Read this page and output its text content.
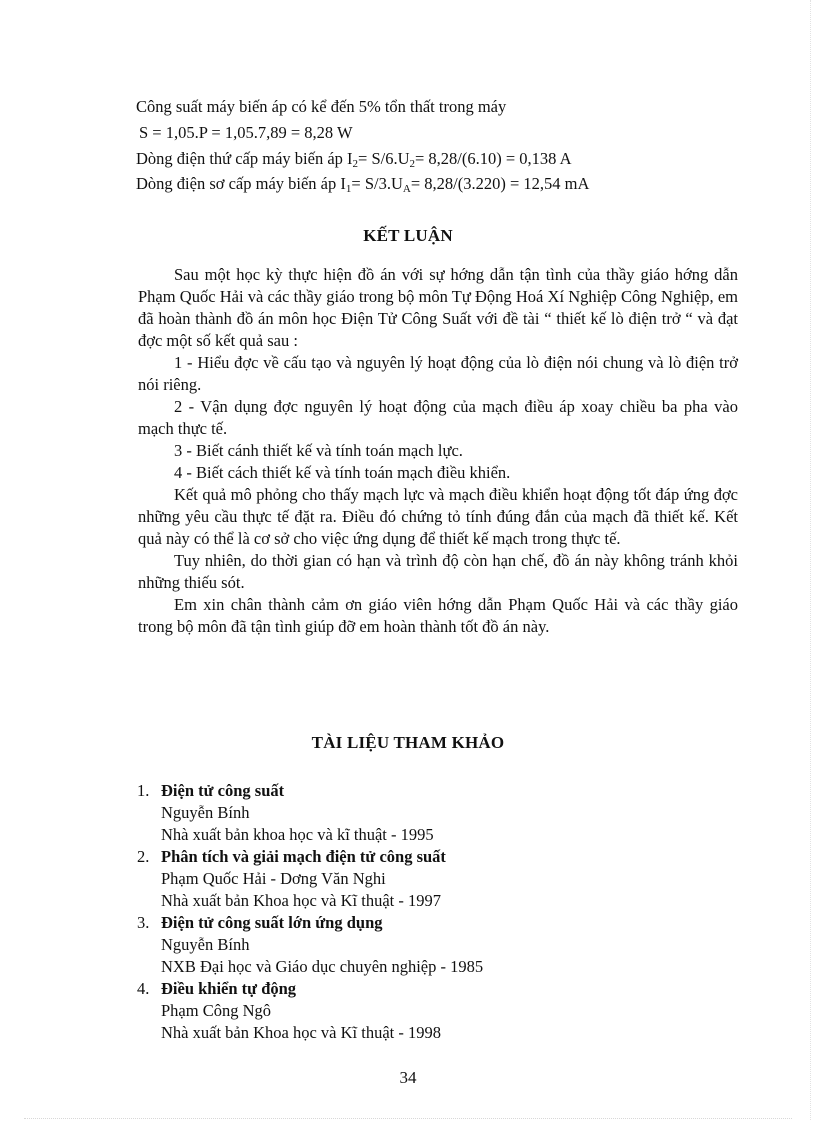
Công suất máy biến áp có kể đến 5% tổn thất trong máy
S = 1,05.P = 1,05.7,89 = 8,28 W
Dòng điện thứ cấp máy biến áp $I_2= S/6.U_2= 8,28/(6.10) = 0,138$ A
Dòng điện sơ cấp máy biến áp $I_1= S/3.U_A= 8,28/(3.220) = 12,54$ mA
KẾT LUẬN

Sau một học kỳ thực hiện đồ án với sự hớng dẫn tận tình của thầy giáo hớng dẫn Phạm Quốc Hải và các thầy giáo trong bộ môn Tự Động Hoá Xí Nghiệp Công Nghiệp, em đã hoàn thành đồ án môn học Điện Tử Công Suất với đề tài “ thiết kế lò điện trở “ và đạt đợc một số kết quả sau :

1 - Hiểu đợc về cấu tạo và nguyên lý hoạt động của lò điện nói chung và lò điện trở nói riêng.

2 - Vận dụng đợc nguyên lý hoạt động của mạch điều áp xoay chiều ba pha vào mạch thực tế.

3 - Biết cánh thiết kế và tính toán mạch lực.

4 - Biết cách thiết kế và tính toán mạch điều khiển.

Kết quả mô phỏng cho thấy mạch lực và mạch điều khiển hoạt động tốt đáp ứng đợc những yêu cầu thực tế đặt ra. Điều đó chứng tỏ tính đúng đắn của mạch đã thiết kế. Kết quả này có thể là cơ sở cho việc ứng dụng để thiết kế mạch trong thực tế.

Tuy nhiên, do thời gian có hạn và trình độ còn hạn chế, đồ án này không tránh khỏi những thiếu sót.

Em xin chân thành cảm ơn giáo viên hớng dẫn Phạm Quốc Hải và các thầy giáo trong bộ môn đã tận tình giúp đỡ em hoàn thành tốt đồ án này.

TÀI LIỆU THAM KHẢO
1. Điện tử công suất
Nguyễn Bính
Nhà xuất bản khoa học và kĩ thuật - 1995
2. Phân tích và giải mạch điện tử công suất
Phạm Quốc Hải - Dơng Văn Nghi
Nhà xuất bản Khoa học và Kĩ thuật - 1997
3. Điện tử công suất lớn ứng dụng
Nguyễn Bính
NXB Đại học và Giáo dục chuyên nghiệp - 1985
4. Điều khiển tự động
Phạm Công Ngô
Nhà xuất bản Khoa học và Kĩ thuật - 1998
34
